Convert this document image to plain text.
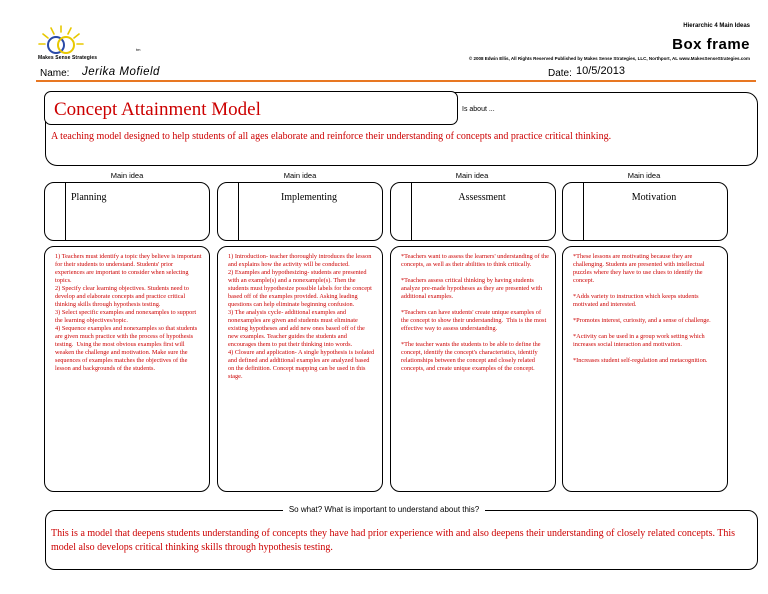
Makes Sense Strategies
tm
Hierarchic 4 Main Ideas
Box frame
© 2008 Edwin Ellis, All Rights Reserved Published by Makes Sense Strategies, LLC, Northport, AL www.MakesSenseStrategies.com
Name: Jerika Mofield	Date: 10/5/2013
Concept Attainment Model	Is about ...
A teaching model designed to help students of all ages elaborate and reinforce their understanding of concepts and practice critical thinking.
Main idea	Main idea	Main idea	Main idea
Planning	Implementing	Assessment	Motivation

1) Teachers must identify a topic they believe is important for their students to understand. Students' prior experiences are important to consider when selecting topics.
2) Specify clear learning objectives. Students need to develop and elaborate concepts and practice critical thinking skills through hypothesis testing.
3) Select specific examples and nonexamples to support the learning objectives/topic.
4) Sequence examples and nonexamples so that students are given much practice with the process of hypothesis testing.  Using the most obvious examples first will weaken the challenge and motivation. Make sure the sequences of examples matches the objectives of the lesson and backgrounds of the students.

1) Introduction- teacher thoroughly introduces the lesson and explains how the activity will be conducted.
2) Examples and hypothesizing- students are presented with an example(s) and a nonexample(s). Then the students must hypothesize possible labels for the concept based off of the examples provided. Asking leading questions can help eliminate beginning confusion.
3) The analysis cycle- additional examples and nonexamples are given and students must eliminate existing hypotheses and add new ones based off of the new examples. Teacher guides the students and encourages them to put their thinking into words.
4) Closure and application- A single hypothesis is isolated and defined and additional examples are analyzed based on the definition. Concept mapping can be used in this stage.

*Teachers want to assess the learners' understanding of the concepts, as well as their abilities to think critically.

*Teachers assess critical thinking by having students analyze pre-made hypotheses as they are presented with additional examples.

*Teachers can have students' create unique examples of the concept to show their understanding.  This is the most effective way to assess understanding.

*The teacher wants the students to be able to define the concept, identify the concept's characteristics, identify relationships between the concept and closely related concepts, and create unique examples of the concept.

*These lessons are motivating because they are challenging. Students are presented with intellectual puzzles where they have to use clues to identify the concept.

*Adds variety to instruction which keeps students motivated and interested.

*Promotes interest, curiosity, and a sense of challenge.

*Activity can be used in a group work setting which increases social interaction and motivation.

*Increases student self-regulation and metacognition.

So what? What is important to understand about this?
This is a model that deepens students understanding of concepts they have had prior experience with and also deepens their understanding of closely related concepts. This model also develops critical thinking skills through hypothesis testing.
